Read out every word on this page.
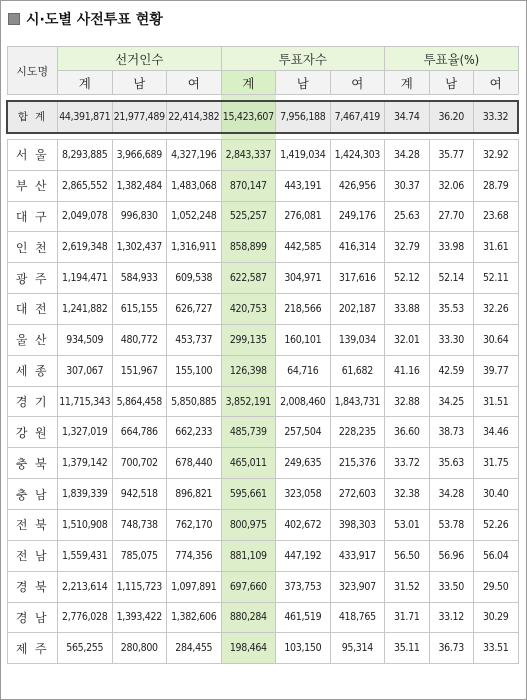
시·도별 사전투표 현황
시도명	선거인수			투표자수			투표율(%)		
	계	남	여	계	남	여	계	남	여

합 계	44,391,871	21,977,489	22,414,382	15,423,607	7,956,188	7,467,419	34.74	36.20	33.32

서 울	8,293,885	3,966,689	4,327,196	2,843,337	1,419,034	1,424,303	34.28	35.77	32.92
부 산	2,865,552	1,382,484	1,483,068	870,147	443,191	426,956	30.37	32.06	28.79
대 구	2,049,078	996,830	1,052,248	525,257	276,081	249,176	25.63	27.70	23.68
인 천	2,619,348	1,302,437	1,316,911	858,899	442,585	416,314	32.79	33.98	31.61
광 주	1,194,471	584,933	609,538	622,587	304,971	317,616	52.12	52.14	52.11
대 전	1,241,882	615,155	626,727	420,753	218,566	202,187	33.88	35.53	32.26
울 산	934,509	480,772	453,737	299,135	160,101	139,034	32.01	33.30	30.64
세 종	307,067	151,967	155,100	126,398	64,716	61,682	41.16	42.59	39.77
경 기	11,715,343	5,864,458	5,850,885	3,852,191	2,008,460	1,843,731	32.88	34.25	31.51
강 원	1,327,019	664,786	662,233	485,739	257,504	228,235	36.60	38.73	34.46
충 북	1,379,142	700,702	678,440	465,011	249,635	215,376	33.72	35.63	31.75
충 남	1,839,339	942,518	896,821	595,661	323,058	272,603	32.38	34.28	30.40
전 북	1,510,908	748,738	762,170	800,975	402,672	398,303	53.01	53.78	52.26
전 남	1,559,431	785,075	774,356	881,109	447,192	433,917	56.50	56.96	56.04
경 북	2,213,614	1,115,723	1,097,891	697,660	373,753	323,907	31.52	33.50	29.50
경 남	2,776,028	1,393,422	1,382,606	880,284	461,519	418,765	31.71	33.12	30.29
제 주	565,255	280,800	284,455	198,464	103,150	95,314	35.11	36.73	33.51
